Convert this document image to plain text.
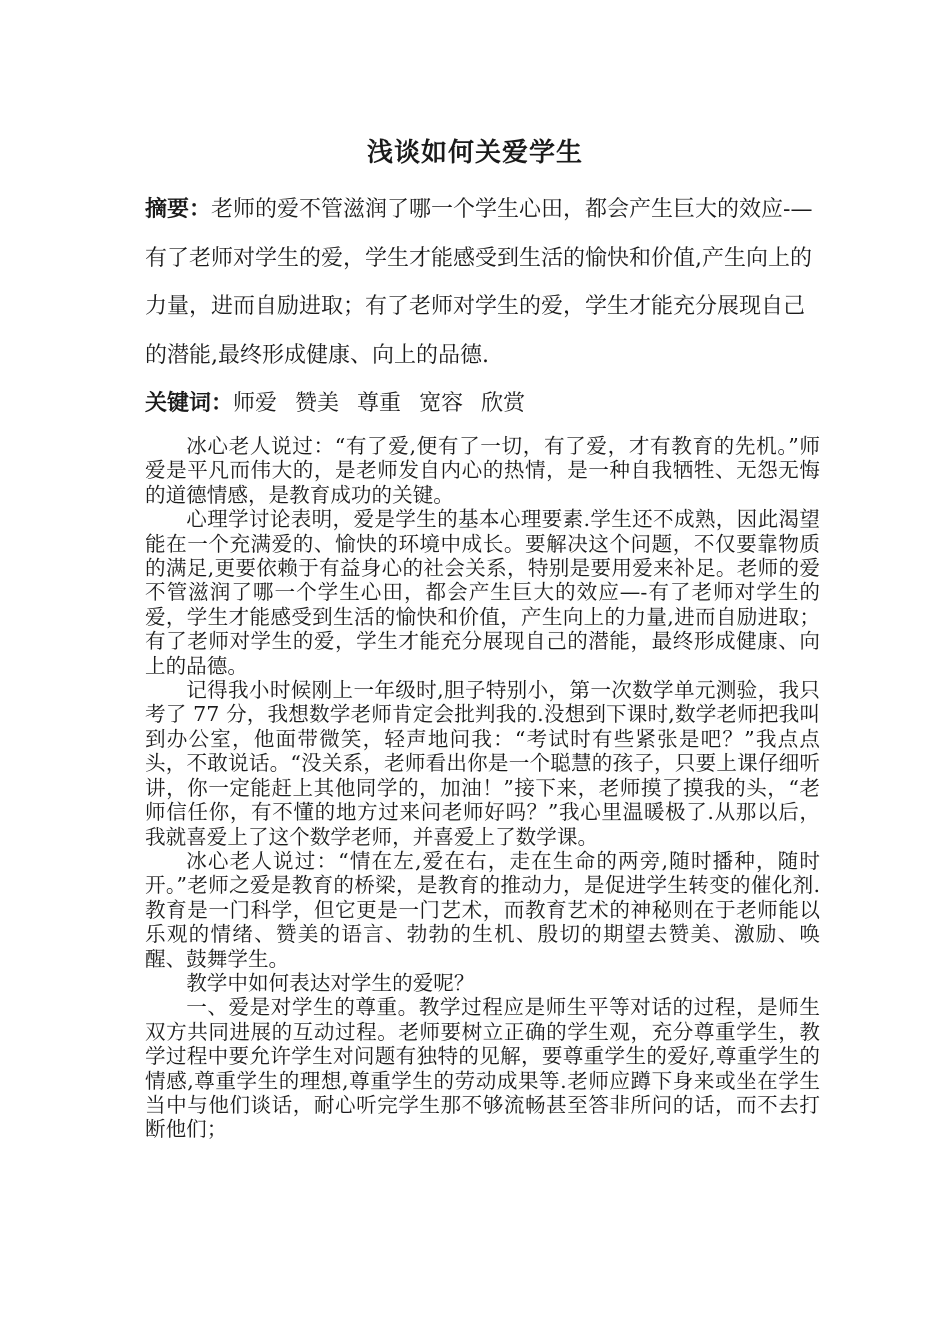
浅谈如何关爱学生

摘要：老师的爱不管滋润了哪一个学生心田，都会产生巨大的效应-—有了老师对学生的爱，学生才能感受到生活的愉快和价值,产生向上的力量，进而自励进取；有了老师对学生的爱，学生才能充分展现自己的潜能,最终形成健康、向上的品德.

关键词：师爱 赞美 尊重 宽容 欣赏

冰心老人说过：“有了爱,便有了一切，有了爱，才有教育的先机。”师爱是平凡而伟大的，是老师发自内心的热情，是一种自我牺牲、无怨无悔的道德情感，是教育成功的关键。

心理学讨论表明，爱是学生的基本心理要素.学生还不成熟，因此渴望能在一个充满爱的、愉快的环境中成长。要解决这个问题，不仅要靠物质的满足,更要依赖于有益身心的社会关系，特别是要用爱来补足。老师的爱不管滋润了哪一个学生心田，都会产生巨大的效应—-有了老师对学生的爱，学生才能感受到生活的愉快和价值，产生向上的力量,进而自励进取；有了老师对学生的爱，学生才能充分展现自己的潜能，最终形成健康、向上的品德。

记得我小时候刚上一年级时,胆子特别小，第一次数学单元测验，我只考了 77 分，我想数学老师肯定会批判我的.没想到下课时,数学老师把我叫到办公室，他面带微笑，轻声地问我：“考试时有些紧张是吧？”我点点头，不敢说话。“没关系，老师看出你是一个聪慧的孩子，只要上课仔细听讲，你一定能赶上其他同学的，加油！”接下来，老师摸了摸我的头，“老师信任你，有不懂的地方过来问老师好吗？”我心里温暖极了.从那以后，我就喜爱上了这个数学老师，并喜爱上了数学课。

冰心老人说过：“情在左,爱在右，走在生命的两旁,随时播种，随时开。”老师之爱是教育的桥梁，是教育的推动力，是促进学生转变的催化剂.教育是一门科学，但它更是一门艺术，而教育艺术的神秘则在于老师能以乐观的情绪、赞美的语言、勃勃的生机、殷切的期望去赞美、激励、唤醒、鼓舞学生。

教学中如何表达对学生的爱呢？

一、爱是对学生的尊重。教学过程应是师生平等对话的过程，是师生双方共同进展的互动过程。老师要树立正确的学生观，充分尊重学生，教学过程中要允许学生对问题有独特的见解，要尊重学生的爱好,尊重学生的情感,尊重学生的理想,尊重学生的劳动成果等.老师应蹲下身来或坐在学生当中与他们谈话，耐心听完学生那不够流畅甚至答非所问的话，而不去打断他们；
